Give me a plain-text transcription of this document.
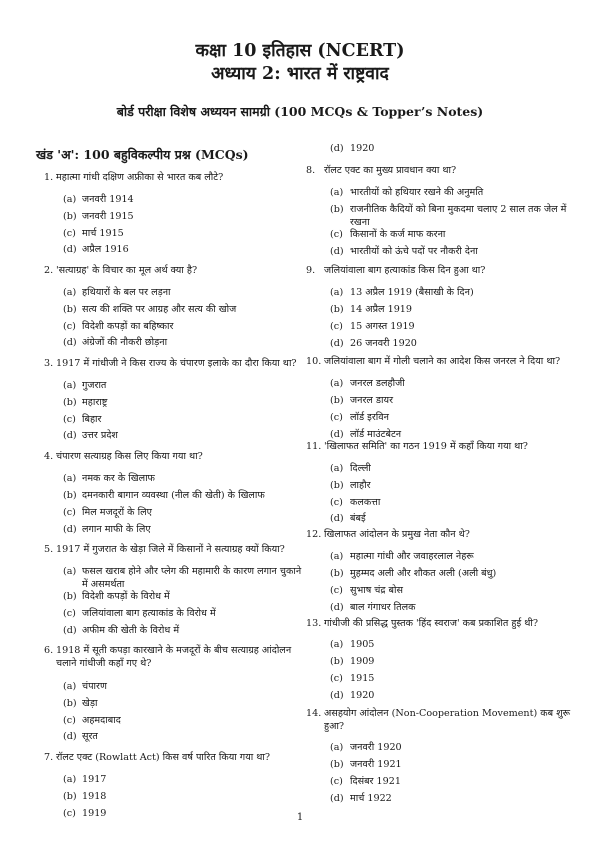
कक्षा 10 इतिहास (NCERT)
अध्याय 2: भारत में राष्ट्रवाद
बोर्ड परीक्षा विशेष अध्ययन सामग्री (100 MCQs & Topper’s Notes)
खंड 'अ': 100 बहुविकल्पीय प्रश्न (MCQs)
1. महात्मा गांधी दक्षिण अफ्रीका से भारत कब लौटे?
(a) जनवरी 1914
(b) जनवरी 1915
(c) मार्च 1915
(d) अप्रैल 1916
2. 'सत्याग्रह' के विचार का मूल अर्थ क्या है?
(a) हथियारों के बल पर लड़ना
(b) सत्य की शक्ति पर आग्रह और सत्य की खोज
(c) विदेशी कपड़ों का बहिष्कार
(d) अंग्रेजों की नौकरी छोड़ना
3. 1917 में गांधीजी ने किस राज्य के चंपारण इलाके का दौरा किया था?
(a) गुजरात
(b) महाराष्ट्र
(c) बिहार
(d) उत्तर प्रदेश
4. चंपारण सत्याग्रह किस लिए किया गया था?
(a) नमक कर के खिलाफ
(b) दमनकारी बागान व्यवस्था (नील की खेती) के खिलाफ
(c) मिल मजदूरों के लिए
(d) लगान माफी के लिए
5. 1917 में गुजरात के खेड़ा जिले में किसानों ने सत्याग्रह क्यों किया?
(a) फसल खराब होने और प्लेग की महामारी के कारण लगान चुकाने
में असमर्थता
(b) विदेशी कपड़ों के विरोध में
(c) जलियांवाला बाग हत्याकांड के विरोध में
(d) अफीम की खेती के विरोध में
6. 1918 में सूती कपड़ा कारखाने के मजदूरों के बीच सत्याग्रह आंदोलन
चलाने गांधीजी कहाँ गए थे?
(a) चंपारण
(b) खेड़ा
(c) अहमदाबाद
(d) सूरत
7. रॉलट एक्ट (Rowlatt Act) किस वर्ष पारित किया गया था?
(a) 1917
(b) 1918
(c) 1919
(d) 1920
8. रॉलट एक्ट का मुख्य प्रावधान क्या था?
(a) भारतीयों को हथियार रखने की अनुमति
(b) राजनीतिक कैदियों को बिना मुकदमा चलाए 2 साल तक जेल में
रखना
(c) किसानों के कर्ज माफ करना
(d) भारतीयों को ऊंचे पदों पर नौकरी देना
9. जलियांवाला बाग हत्याकांड किस दिन हुआ था?
(a) 13 अप्रैल 1919 (बैसाखी के दिन)
(b) 14 अप्रैल 1919
(c) 15 अगस्त 1919
(d) 26 जनवरी 1920
10. जलियांवाला बाग में गोली चलाने का आदेश किस जनरल ने दिया था?
(a) जनरल डलहौजी
(b) जनरल डायर
(c) लॉर्ड इरविन
(d) लॉर्ड माउंटबेटन
11. 'खिलाफत समिति' का गठन 1919 में कहाँ किया गया था?
(a) दिल्ली
(b) लाहौर
(c) कलकत्ता
(d) बंबई
12. खिलाफत आंदोलन के प्रमुख नेता कौन थे?
(a) महात्मा गांधी और जवाहरलाल नेहरू
(b) मुहम्मद अली और शौकत अली (अली बंधु)
(c) सुभाष चंद्र बोस
(d) बाल गंगाधर तिलक
13. गांधीजी की प्रसिद्ध पुस्तक 'हिंद स्वराज' कब प्रकाशित हुई थी?
(a) 1905
(b) 1909
(c) 1915
(d) 1920
14. असहयोग आंदोलन (Non-Cooperation Movement) कब शुरू
हुआ?
(a) जनवरी 1920
(b) जनवरी 1921
(c) दिसंबर 1921
(d) मार्च 1922
1
